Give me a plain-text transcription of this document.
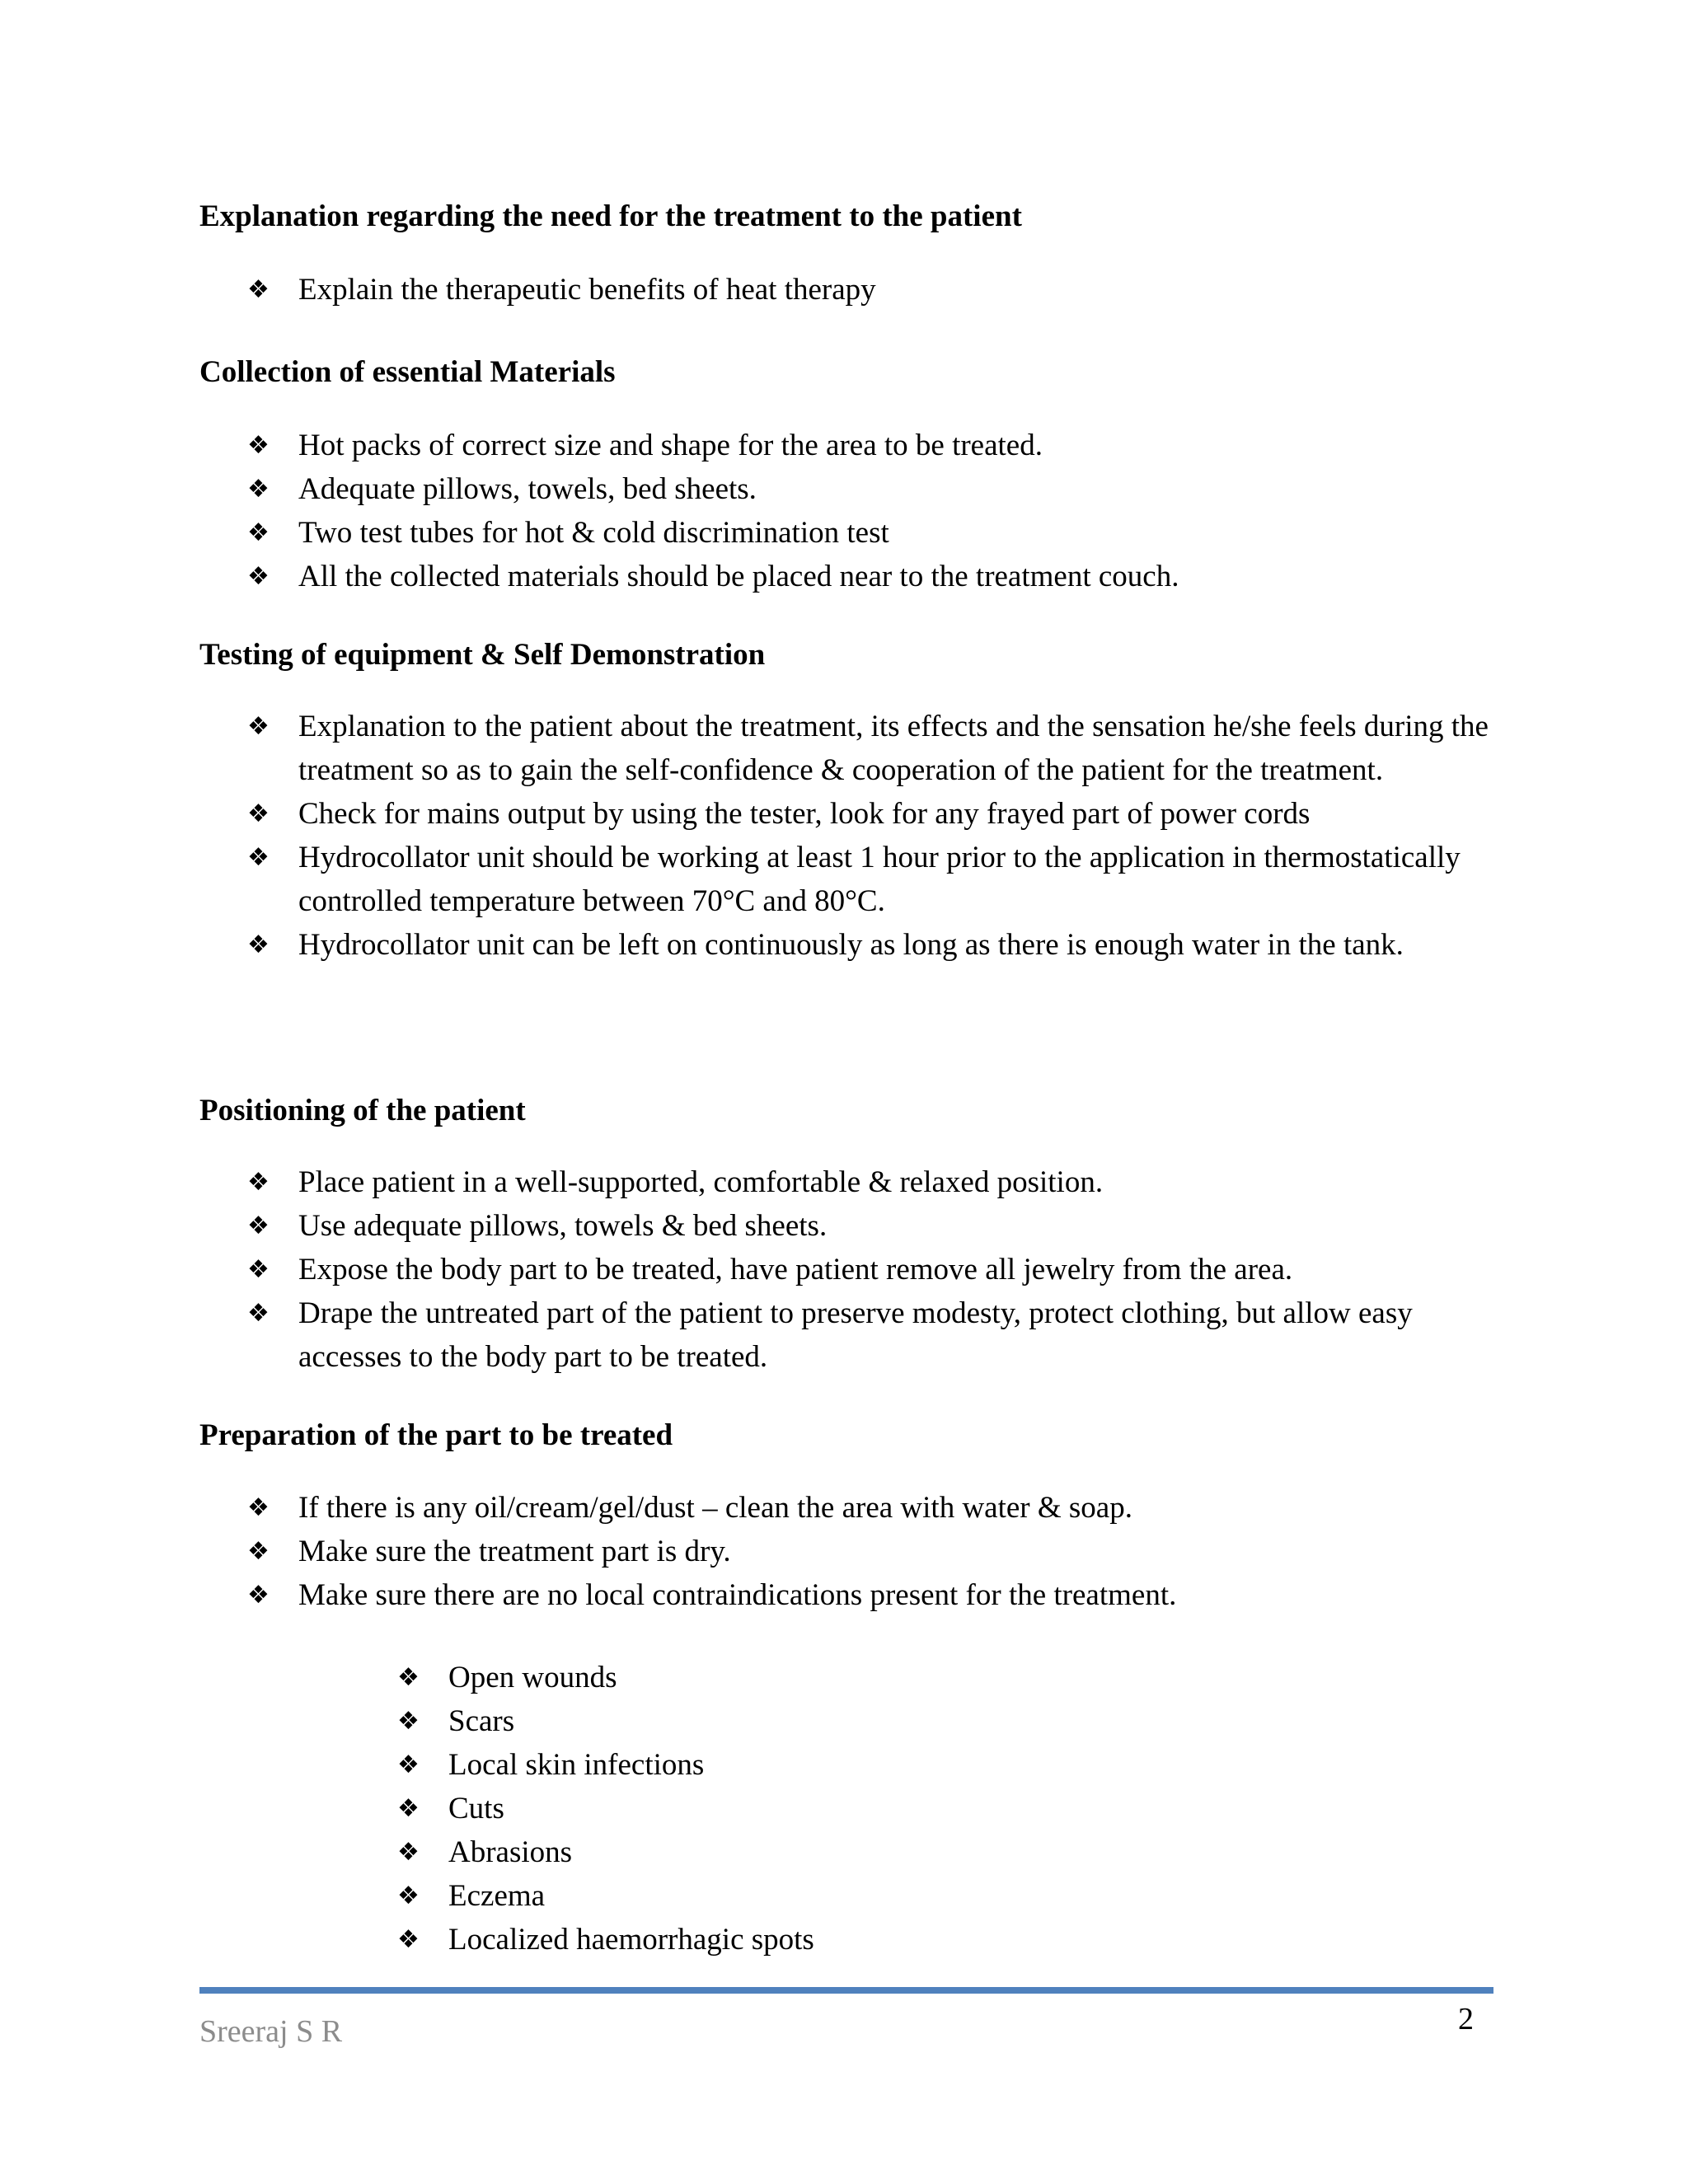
Explanation regarding the need for the treatment to the patient
❖ Explain the therapeutic benefits of heat therapy
Collection of essential Materials
❖ Hot packs of correct size and shape for the area to be treated.
❖ Adequate pillows, towels, bed sheets.
❖ Two test tubes for hot & cold discrimination test
❖ All the collected materials should be placed near to the treatment couch.
Testing of equipment & Self Demonstration
❖ Explanation to the patient about the treatment, its effects and the sensation he/she feels during the treatment so as to gain the self-confidence & cooperation of the patient for the treatment.
❖ Check for mains output by using the tester, look for any frayed part of power cords
❖ Hydrocollator unit should be working at least 1 hour prior to the application in thermostatically controlled temperature between 70°C and 80°C.
❖ Hydrocollator unit can be left on continuously as long as there is enough water in the tank.
Positioning of the patient
❖ Place patient in a well-supported, comfortable & relaxed position.
❖ Use adequate pillows, towels & bed sheets.
❖ Expose the body part to be treated, have patient remove all jewelry from the area.
❖ Drape the untreated part of the patient to preserve modesty, protect clothing, but allow easy accesses to the body part to be treated.
Preparation of the part to be treated
❖ If there is any oil/cream/gel/dust – clean the area with water & soap.
❖ Make sure the treatment part is dry.
❖ Make sure there are no local contraindications present for the treatment.
❖ Open wounds
❖ Scars
❖ Local skin infections
❖ Cuts
❖ Abrasions
❖ Eczema
❖ Localized haemorrhagic spots
Sreeraj S R	2
